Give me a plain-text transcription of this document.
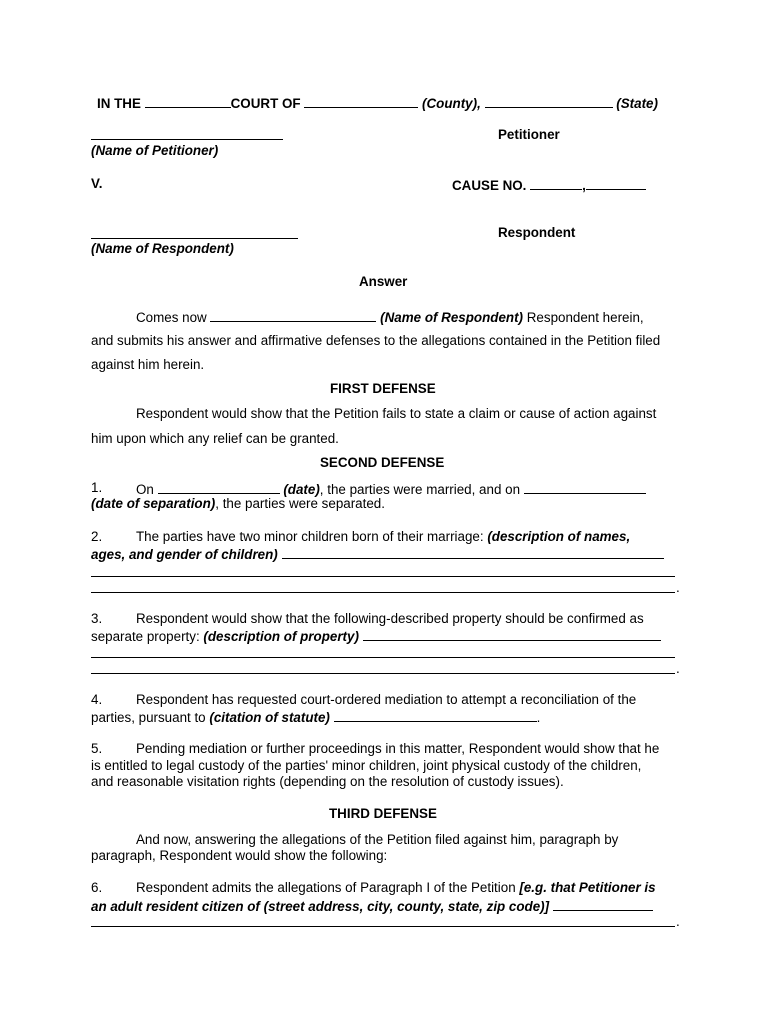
IN THE	COURT OF	(County),	(State)
Petitioner
(Name of Petitioner)
V.	CAUSE NO.	,
Respondent
(Name of Respondent)
Answer
Comes now	(Name of Respondent) Respondent herein,
and submits his answer and affirmative defenses to the allegations contained in the Petition filed
against him herein.
FIRST DEFENSE
Respondent would show that the Petition fails to state a claim or cause of action against
him upon which any relief can be granted.
SECOND DEFENSE
1.	On	(date), the parties were married, and on
(date of separation), the parties were separated.
2.	The parties have two minor children born of their marriage: (description of names,
ages, and gender of children)
.
3.	Respondent would show that the following-described property should be confirmed as
separate property: (description of property)
.
4.	Respondent has requested court-ordered mediation to attempt a reconciliation of the
parties, pursuant to (citation of statute)	.
5.	Pending mediation or further proceedings in this matter, Respondent would show that he
is entitled to legal custody of the parties' minor children, joint physical custody of the children,
and reasonable visitation rights (depending on the resolution of custody issues).
THIRD DEFENSE
And now, answering the allegations of the Petition filed against him, paragraph by
paragraph, Respondent would show the following:
6.	Respondent admits the allegations of Paragraph I of the Petition [e.g. that Petitioner is
an adult resident citizen of (street address, city, county, state, zip code)]
.
